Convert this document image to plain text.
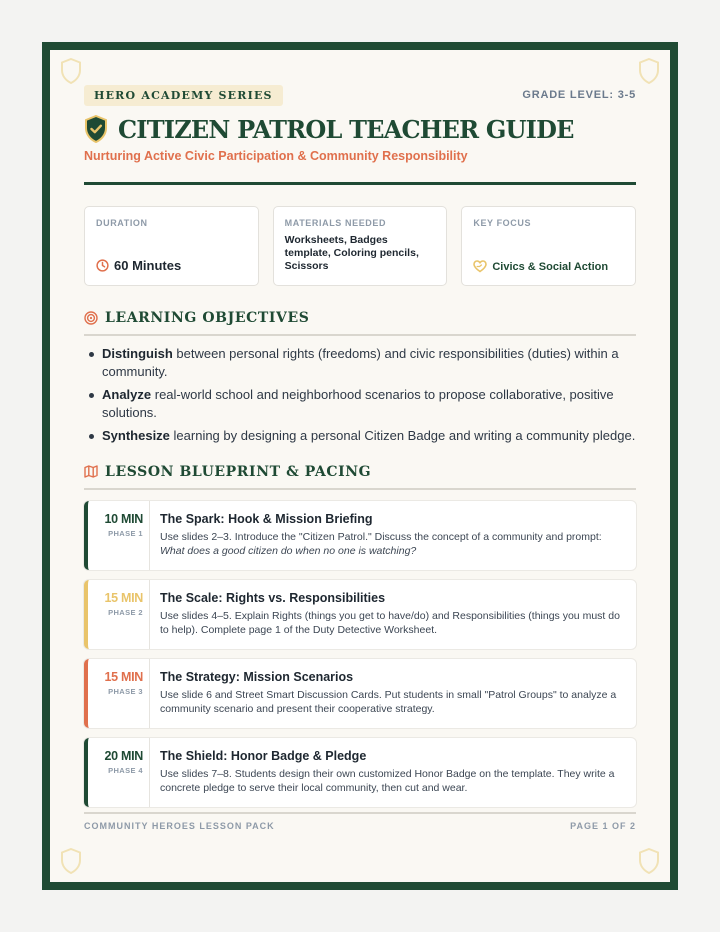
HERO ACADEMY SERIES	GRADE LEVEL: 3-5
CITIZEN PATROL TEACHER GUIDE
Nurturing Active Civic Participation & Community Responsibility
DURATION
60 Minutes
MATERIALS NEEDED
Worksheets, Badges template, Coloring pencils, Scissors
KEY FOCUS
Civics & Social Action
LEARNING OBJECTIVES
Distinguish between personal rights (freedoms) and civic responsibilities (duties) within a community.
Analyze real-world school and neighborhood scenarios to propose collaborative, positive solutions.
Synthesize learning by designing a personal Citizen Badge and writing a community pledge.
LESSON BLUEPRINT & PACING
10 MIN
PHASE 1
The Spark: Hook & Mission Briefing
Use slides 2–3. Introduce the "Citizen Patrol." Discuss the concept of a community and prompt: What does a good citizen do when no one is watching?
15 MIN
PHASE 2
The Scale: Rights vs. Responsibilities
Use slides 4–5. Explain Rights (things you get to have/do) and Responsibilities (things you must do to help). Complete page 1 of the Duty Detective Worksheet.
15 MIN
PHASE 3
The Strategy: Mission Scenarios
Use slide 6 and Street Smart Discussion Cards. Put students in small "Patrol Groups" to analyze a community scenario and present their cooperative strategy.
20 MIN
PHASE 4
The Shield: Honor Badge & Pledge
Use slides 7–8. Students design their own customized Honor Badge on the template. They write a concrete pledge to serve their local community, then cut and wear.
COMMUNITY HEROES LESSON PACK	PAGE 1 OF 2
